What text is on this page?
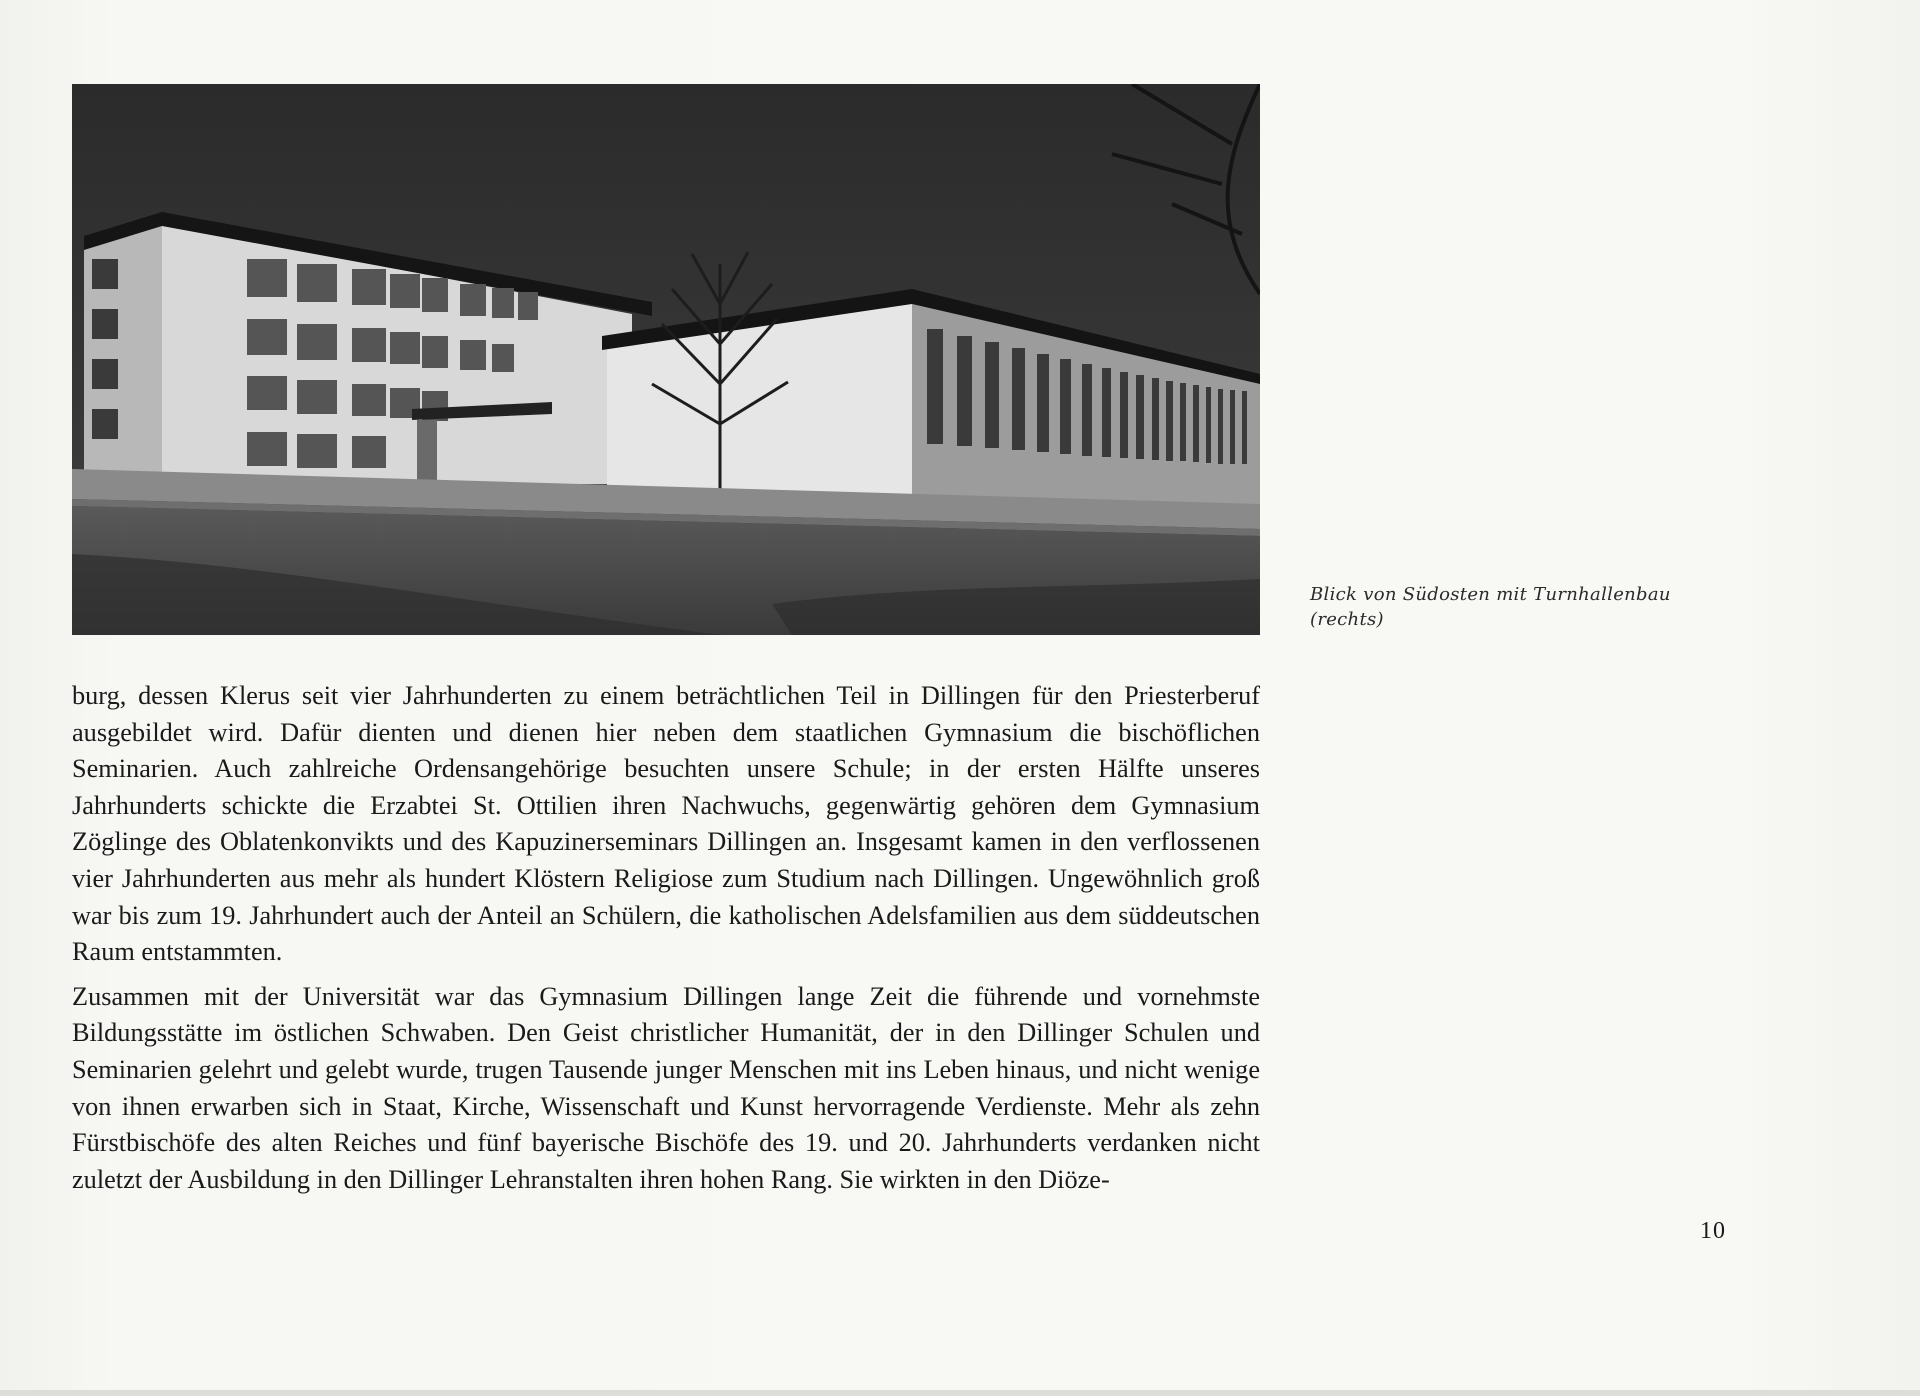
Blick von Südosten mit Turnhallenbau
(rechts)

burg, dessen Klerus seit vier Jahrhunderten zu einem beträchtlichen Teil in Dillingen für den Priesterberuf ausgebildet wird. Dafür dienten und dienen hier neben dem staatlichen Gymnasium die bischöflichen Seminarien. Auch zahlreiche Ordensangehörige besuchten unsere Schule; in der ersten Hälfte unseres Jahrhunderts schickte die Erzabtei St. Ottilien ihren Nachwuchs, gegenwärtig gehören dem Gymnasium Zöglinge des Oblatenkonvikts und des Kapuzinerseminars Dillingen an. Insgesamt kamen in den verflossenen vier Jahrhunderten aus mehr als hundert Klöstern Religiose zum Studium nach Dillingen. Ungewöhnlich groß war bis zum 19. Jahrhundert auch der Anteil an Schülern, die katholischen Adelsfamilien aus dem süddeutschen Raum entstammten.

Zusammen mit der Universität war das Gymnasium Dillingen lange Zeit die führende und vornehmste Bildungsstätte im östlichen Schwaben. Den Geist christlicher Humanität, der in den Dillinger Schulen und Seminarien gelehrt und gelebt wurde, trugen Tausende junger Menschen mit ins Leben hinaus, und nicht wenige von ihnen erwarben sich in Staat, Kirche, Wissenschaft und Kunst hervorragende Verdienste. Mehr als zehn Fürstbischöfe des alten Reiches und fünf bayerische Bischöfe des 19. und 20. Jahrhunderts verdanken nicht zuletzt der Ausbildung in den Dillinger Lehranstalten ihren hohen Rang. Sie wirkten in den Diöze-

10
